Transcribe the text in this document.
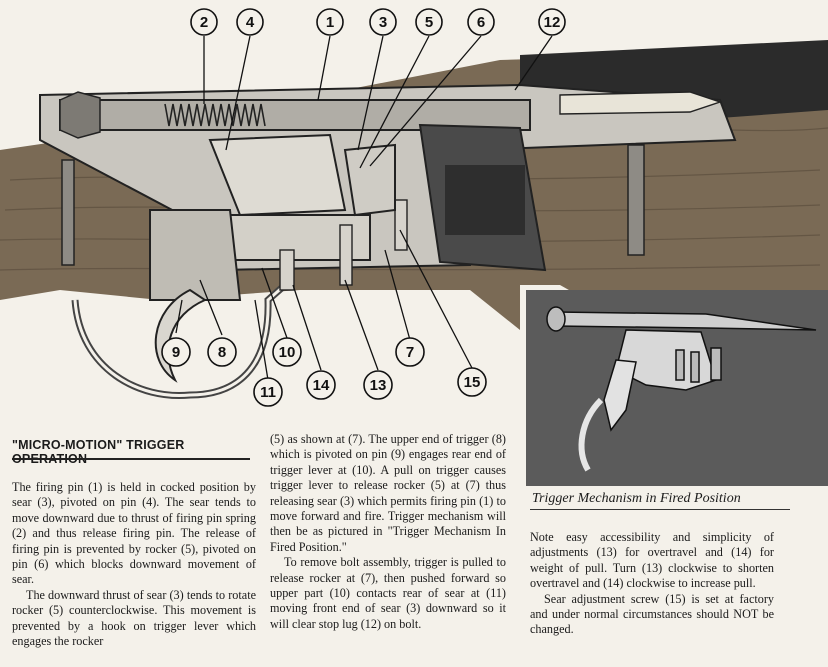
2	4	1	3	5	6	12
9	8	10
11 14	13
7
15
Trigger Mechanism in Fired Position
"MICRO-MOTION" TRIGGER

The firing pin (1) is held in cocked position by sear (3), pivoted on pin (4). The sear tends to move downward due to thrust of firing pin spring (2) and thus release firing pin. The release of firing pin is prevented by rocker (5), pivoted on pin (6) which blocks downward movement of sear.

The downward thrust of sear (3) tends to rotate rocker (5) counterclockwise. This movement is prevented by a hook on trigger lever which engages the rocker

(5) as shown at (7). The upper end of trigger (8) which is pivoted on pin (9) engages rear end of trigger lever at (10). A pull on trigger causes trigger lever to release rocker (5) at (7) thus releasing sear (3) which permits firing pin (1) to move forward and fire. Trigger mechanism will then be as pictured in "Trigger Mechanism In Fired Position."

To remove bolt assembly, trigger is pulled to release rocker at (7), then pushed forward so upper part (10) contacts rear of sear at (11) moving front end of sear (3) downward so it will clear stop lug (12) on bolt.

Note easy accessibility and simplicity of adjustments (13) for overtravel and (14) for weight of pull. Turn (13) clockwise to shorten overtravel and (14) clockwise to increase pull.

Sear adjustment screw (15) is set at factory and under normal circumstances should NOT be changed.
